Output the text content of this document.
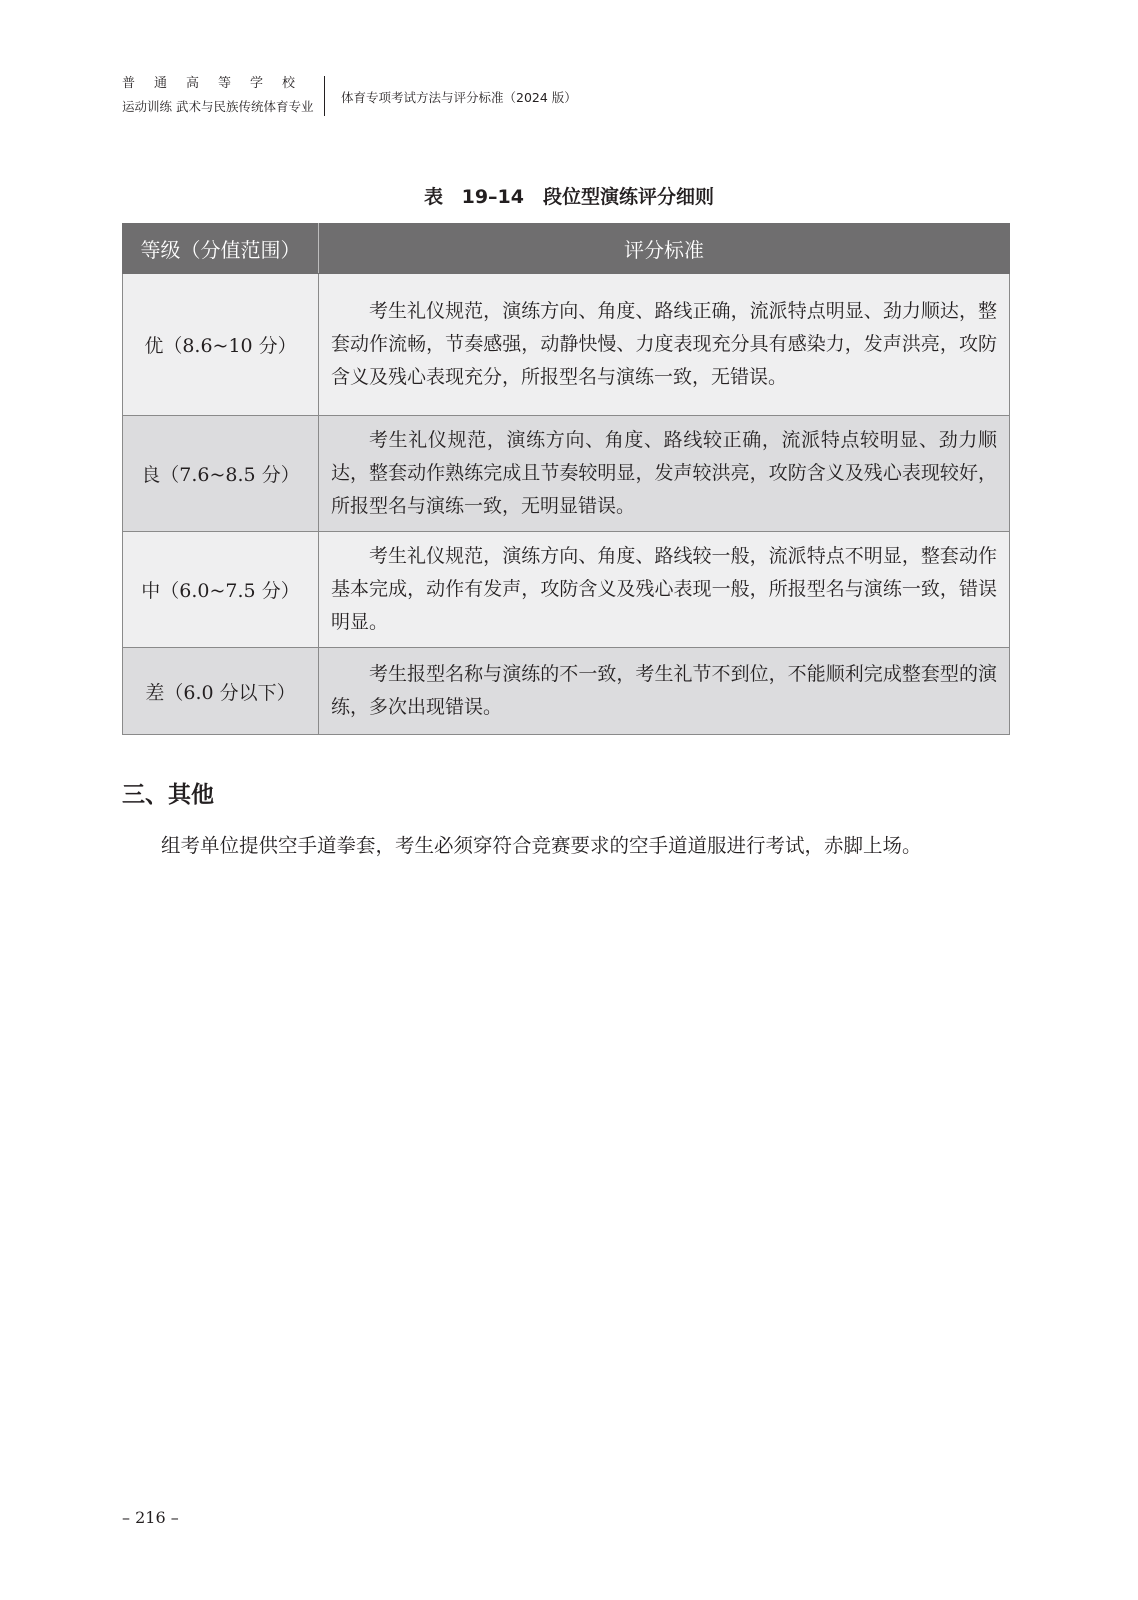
普通高等学校
运动训练 武术与民族传统体育专业
体育专项考试方法与评分标准（2024 版）
表 19–14　段位型演练评分细则
等级（分值范围）	评分标准
优（8.6~10 分）	考生礼仪规范，演练方向、角度、路线正确，流派特点明显、劲力顺达，整套动作流畅，节奏感强，动静快慢、力度表现充分具有感染力，发声洪亮，攻防含义及残心表现充分，所报型名与演练一致，无错误。
良（7.6~8.5 分）	考生礼仪规范，演练方向、角度、路线较正确，流派特点较明显、劲力顺达，整套动作熟练完成且节奏较明显，发声较洪亮，攻防含义及残心表现较好，所报型名与演练一致，无明显错误。
中（6.0~7.5 分）	考生礼仪规范，演练方向、角度、路线较一般，流派特点不明显，整套动作基本完成，动作有发声，攻防含义及残心表现一般，所报型名与演练一致，错误明显。
差（6.0 分以下）	考生报型名称与演练的不一致，考生礼节不到位，不能顺利完成整套型的演练，多次出现错误。
三、其他
组考单位提供空手道拳套，考生必须穿符合竞赛要求的空手道道服进行考试，赤脚上场。
– 216 –
